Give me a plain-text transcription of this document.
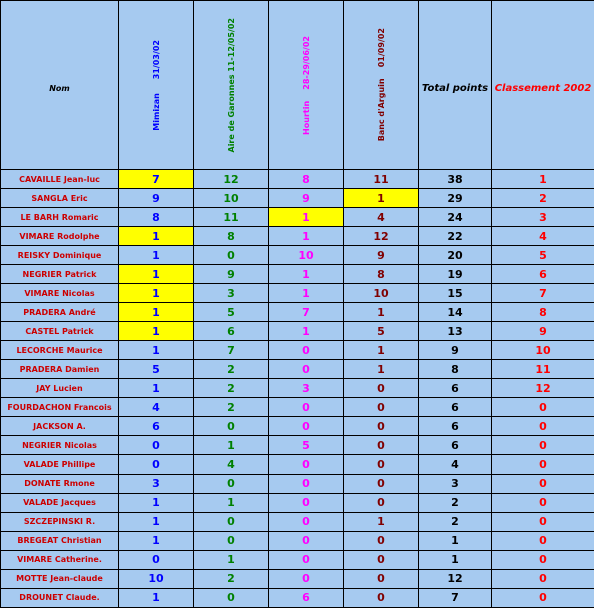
Nom	Mimizan     31/03/02	Aire de Garonnes 11-12/05/02	Hourtin    28-29/06/02	Banc d'Arguin    01/09/02	Total points	Classement 2002
CAVAILLE Jean-luc	7	12	8	11	38	1
SANGLA Eric	9	10	9	1	29	2
LE BARH Romaric	8	11	1	4	24	3
VIMARE Rodolphe	1	8	1	12	22	4
REISKY Dominique	1	0	10	9	20	5
NEGRIER Patrick	1	9	1	8	19	6
VIMARE Nicolas	1	3	1	10	15	7
PRADERA André	1	5	7	1	14	8
CASTEL Patrick	1	6	1	5	13	9
LECORCHE Maurice	1	7	0	1	9	10
PRADERA Damien	5	2	0	1	8	11
JAY Lucien	1	2	3	0	6	12
FOURDACHON Francois	4	2	0	0	6	0
JACKSON A.	6	0	0	0	6	0
NEGRIER Nicolas	0	1	5	0	6	0
VALADE Phillipe	0	4	0	0	4	0
DONATE Rmone	3	0	0	0	3	0
VALADE Jacques	1	1	0	0	2	0
SZCZEPINSKI R.	1	0	0	1	2	0
BREGEAT Christian	1	0	0	0	1	0
VIMARE Catherine.	0	1	0	0	1	0
MOTTE Jean-claude	10	2	0	0	12	0
DROUNET Claude.	1	0	6	0	7	0
